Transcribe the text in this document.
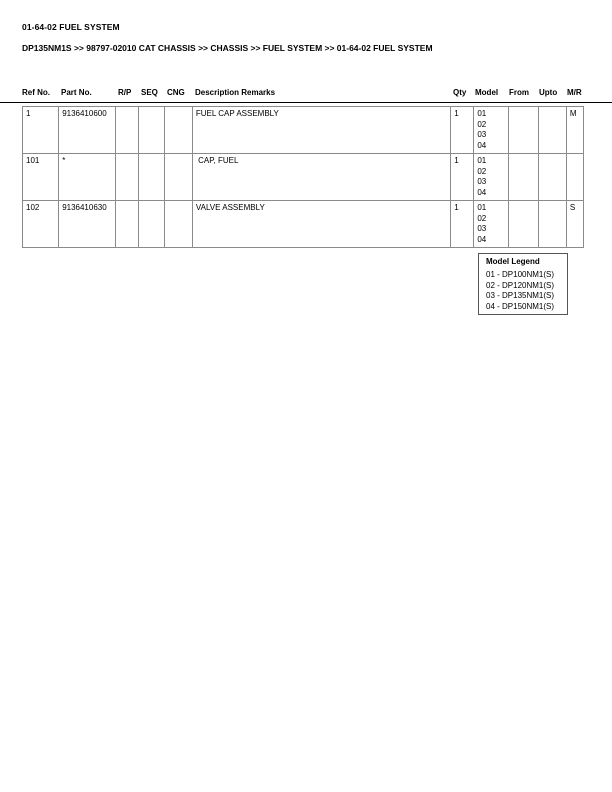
01-64-02 FUEL SYSTEM
DP135NM1S >> 98797-02010 CAT CHASSIS >> CHASSIS >> FUEL SYSTEM >> 01-64-02 FUEL SYSTEM
Ref No. Part No.	R/P SEQ CNG Description Remarks	Qty Model From Upto M/R
1	9136410600				FUEL CAP ASSEMBLY	1	01
02
03
04			M
101	*				CAP, FUEL	1	01
02
03
04			

102	9136410630				VALVE ASSEMBLY	1	01
02
03
04			S
Model Legend
01 - DP100NM1(S)
02 - DP120NM1(S)
03 - DP135NM1(S)
04 - DP150NM1(S)
